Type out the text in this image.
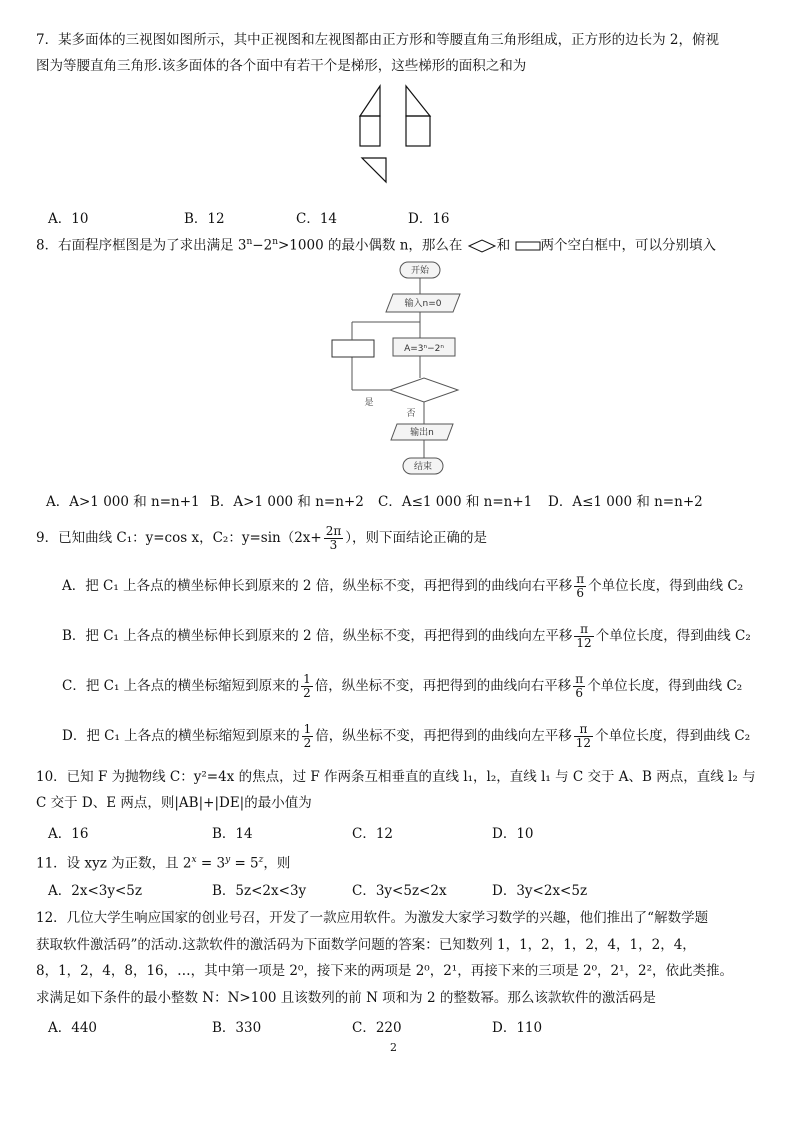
7．某多面体的三视图如图所示，其中正视图和左视图都由正方形和等腰直角三角形组成，正方形的边长为 2，俯视
图为等腰直角三角形.该多面体的各个面中有若干个是梯形，这些梯形的面积之和为
A．10	B．12	C．14	D．16
8．右面程序框图是为了求出满足 $3^n-2^n>1000$ 的最小偶数 n，那么在	和 两个空白框中，可以分别填入
开始
输入n=0
A=3ⁿ−2ⁿ
是
否
输出n
结束
A．A>1 000 和 n=n+1 B．A>1 000 和 n=n+2 C．A≤1 000 和 n=n+1 D．A≤1 000 和 n=n+2
9．已知曲线 C₁：y=cos x，C₂：$y=\sin(2x+ \frac{2\pi}{3}$ ），则下面结论正确的是
A．把 C₁ 上各点的横坐标伸长到原来的 2 倍，纵坐标不变，再把得到的曲线向右平移 $\frac{\pi}{6}$ 个单位长度，得到曲线 C₂
B．把 C₁ 上各点的横坐标伸长到原来的 2 倍，纵坐标不变，再把得到的曲线向左平移 $\frac{\pi}{12}$ 个单位长度，得到曲线 C₂
C．把 C₁ 上各点的横坐标缩短到原来的 $\frac{1}{2}$ 倍，纵坐标不变，再把得到的曲线向右平移 $\frac{\pi}{6}$ 个单位长度，得到曲线 C₂
D．把 C₁ 上各点的横坐标缩短到原来的 $\frac{1}{2}$ 倍，纵坐标不变，再把得到的曲线向左平移 $\frac{\pi}{12}$ 个单位长度，得到曲线 C₂
10．已知 F 为抛物线 C：y²=4x 的焦点，过 F 作两条互相垂直的直线 l₁，l₂，直线 l₁ 与 C 交于 A、B 两点，直线 l₂ 与
C 交于 D、E 两点，则|AB|+|DE|的最小值为
A．16	B．14	C．12	D．10
11．设 xyz 为正数，且 $2^x = 3^y = 5^z$，则
A．2x<3y<5z	B．5z<2x<3y	C．3y<5z<2x	D．3y<2x<5z
12．几位大学生响应国家的创业号召，开发了一款应用软件。为激发大家学习数学的兴趣，他们推出了“解数学题
获取软件激活码”的活动.这款软件的激活码为下面数学问题的答案：已知数列 1，1，2，1，2，4，1，2，4，
8，1，2，4，8，16，…，其中第一项是 2⁰，接下来的两项是 2⁰，2¹，再接下来的三项是 2⁰，2¹，2²，依此类推。
求满足如下条件的最小整数 N：N>100 且该数列的前 N 项和为 2 的整数幂。那么该款软件的激活码是
A．440	B．330	C．220	D．110
2
